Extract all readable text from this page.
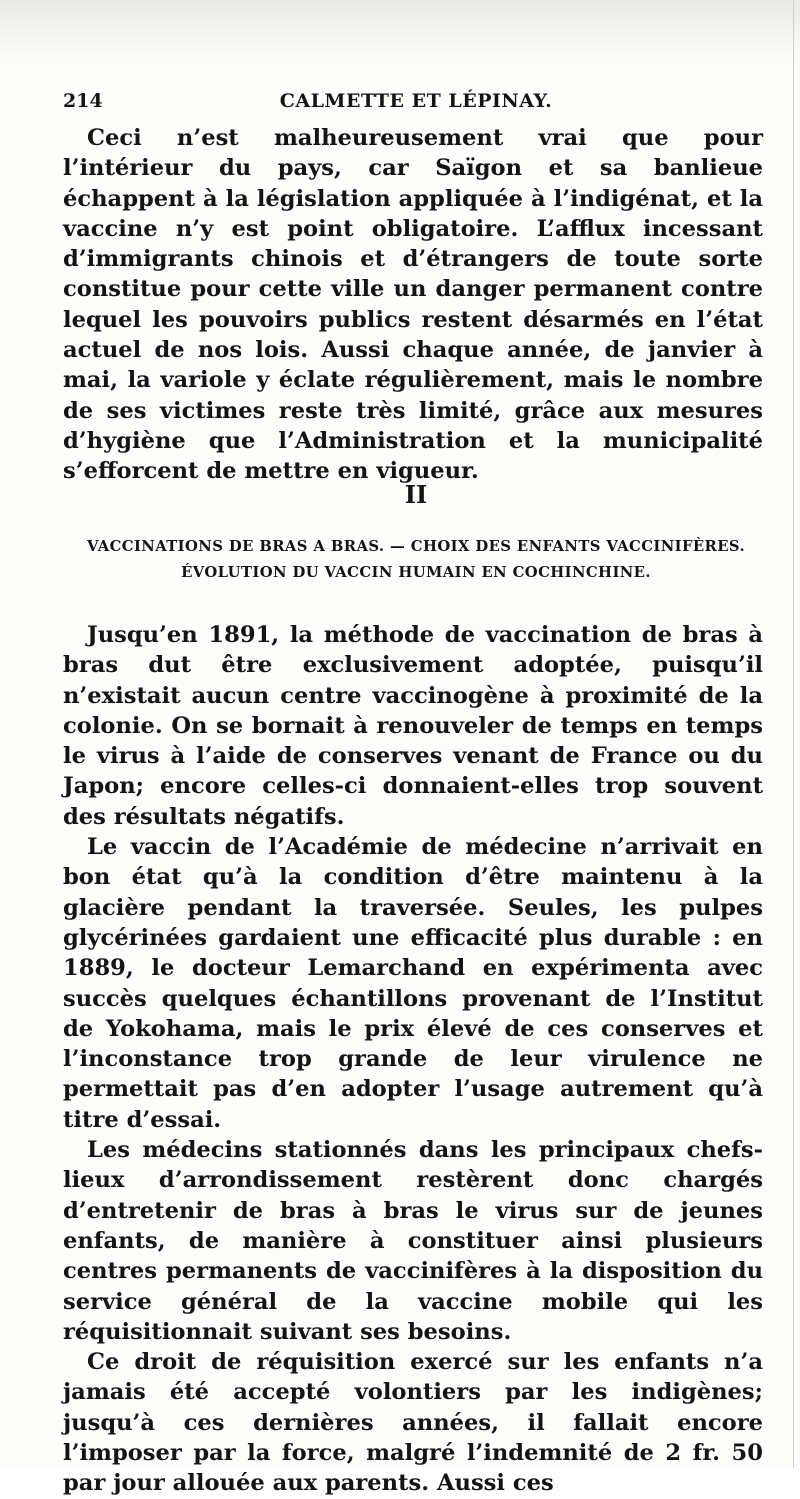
214	CALMETTE ET LÉPINAY.

Ceci n’est malheureusement vrai que pour l’intérieur du pays, car Saïgon et sa banlieue échappent à la législation appliquée à l’indigénat, et la vaccine n’y est point obligatoire. L’afflux incessant d’immigrants chinois et d’étrangers de toute sorte constitue pour cette ville un danger permanent contre lequel les pouvoirs publics restent désarmés en l’état actuel de nos lois. Aussi chaque année, de janvier à mai, la variole y éclate régulièrement, mais le nombre de ses victimes reste très limité, grâce aux mesures d’hygiène que l’Administration et la municipalité s’efforcent de mettre en vigueur.

II
VACCINATIONS DE BRAS A BRAS. — CHOIX DES ENFANTS VACCINIFÈRES.
ÉVOLUTION DU VACCIN HUMAIN EN COCHINCHINE.

Jusqu’en 1891, la méthode de vaccination de bras à bras dut être exclusivement adoptée, puisqu’il n’existait aucun centre vaccinogène à proximité de la colonie. On se bornait à renouveler de temps en temps le virus à l’aide de conserves venant de France ou du Japon; encore celles-ci donnaient-elles trop souvent des résultats négatifs.

Le vaccin de l’Académie de médecine n’arrivait en bon état qu’à la condition d’être maintenu à la glacière pendant la traversée. Seules, les pulpes glycérinées gardaient une efficacité plus durable : en 1889, le docteur Lemarchand en expérimenta avec succès quelques échantillons provenant de l’Institut de Yokohama, mais le prix élevé de ces conserves et l’inconstance trop grande de leur virulence ne permettait pas d’en adopter l’usage autrement qu’à titre d’essai.

Les médecins stationnés dans les principaux chefs-lieux d’arrondissement restèrent donc chargés d’entretenir de bras à bras le virus sur de jeunes enfants, de manière à constituer ainsi plusieurs centres permanents de vaccinifères à la disposition du service général de la vaccine mobile qui les réquisitionnait suivant ses besoins.

Ce droit de réquisition exercé sur les enfants n’a jamais été accepté volontiers par les indigènes; jusqu’à ces dernières années, il fallait encore l’imposer par la force, malgré l’indemnité de 2 fr. 50 par jour allouée aux parents. Aussi ces
